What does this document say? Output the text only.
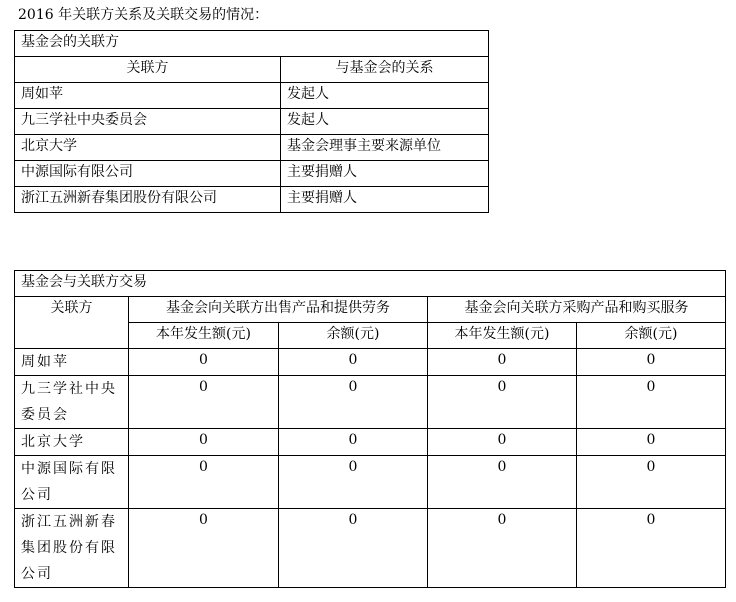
2016 年关联方关系及关联交易的情况：
基金会的关联方	
关联方	与基金会的关系
周如苹	发起人
九三学社中央委员会	发起人
北京大学	基金会理事主要来源单位
中源国际有限公司	主要捐赠人
浙江五洲新春集团股份有限公司	主要捐赠人
基金会与关联方交易				
关联方	基金会向关联方出售产品和提供劳务		基金会向关联方采购产品和购买服务	
	本年发生额(元)	余额(元)	本年发生额(元)	余额(元)
周如苹	0	0	0	0
九三学社中央委员会	0	0	0	0
北京大学	0	0	0	0
中源国际有限公司	0	0	0	0
浙江五洲新春集团股份有限公司	0	0	0	0
